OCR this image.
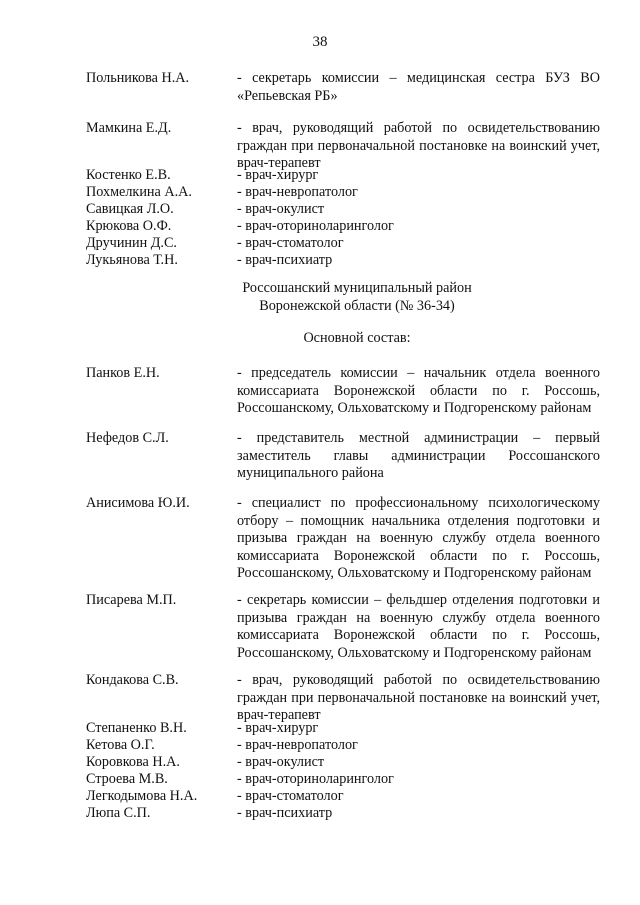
38
Польникова Н.А.	- секретарь комиссии – медицинская сестра БУЗ ВО
«Репьевская РБ»
Мамкина Е.Д.	- врач, руководящий работой по освидетельствованию
граждан при первоначальной постановке на воинский учет,
врач-терапевт
Костенко Е.В.	- врач-хирург
Похмелкина А.А.	- врач-невропатолог
Савицкая Л.О.	- врач-окулист
Крюкова О.Ф.	- врач-оториноларинголог
Дручинин Д.С.	- врач-стоматолог
Лукьянова Т.Н.	- врач-психиатр
Россошанский муниципальный район
Воронежской области (№ 36-34)
Основной состав:
Панков Е.Н.	- председатель комиссии – начальник отдела военного
комиссариата Воронежской области по г. Россошь,
Россошанскому, Ольховатскому и Подгоренскому районам
Нефедов С.Л.	- представитель местной администрации – первый
заместитель главы администрации Россошанского
муниципального района
Анисимова Ю.И.	- специалист по профессиональному психологическому
отбору – помощник начальника отделения подготовки и
призыва граждан на военную службу отдела военного
комиссариата Воронежской области по г. Россошь,
Россошанскому, Ольховатскому и Подгоренскому районам
Писарева М.П.	- секретарь комиссии – фельдшер отделения подготовки и
призыва граждан на военную службу отдела военного
комиссариата Воронежской области по г. Россошь,
Россошанскому, Ольховатскому и Подгоренскому районам
Кондакова С.В.	- врач, руководящий работой по освидетельствованию
граждан при первоначальной постановке на воинский учет,
врач-терапевт
Степаненко В.Н.	- врач-хирург
Кетова О.Г.	- врач-невропатолог
Коровкова Н.А.	- врач-окулист
Строева М.В.	- врач-оториноларинголог
Легкодымова Н.А.	- врач-стоматолог
Люпа С.П.	- врач-психиатр
